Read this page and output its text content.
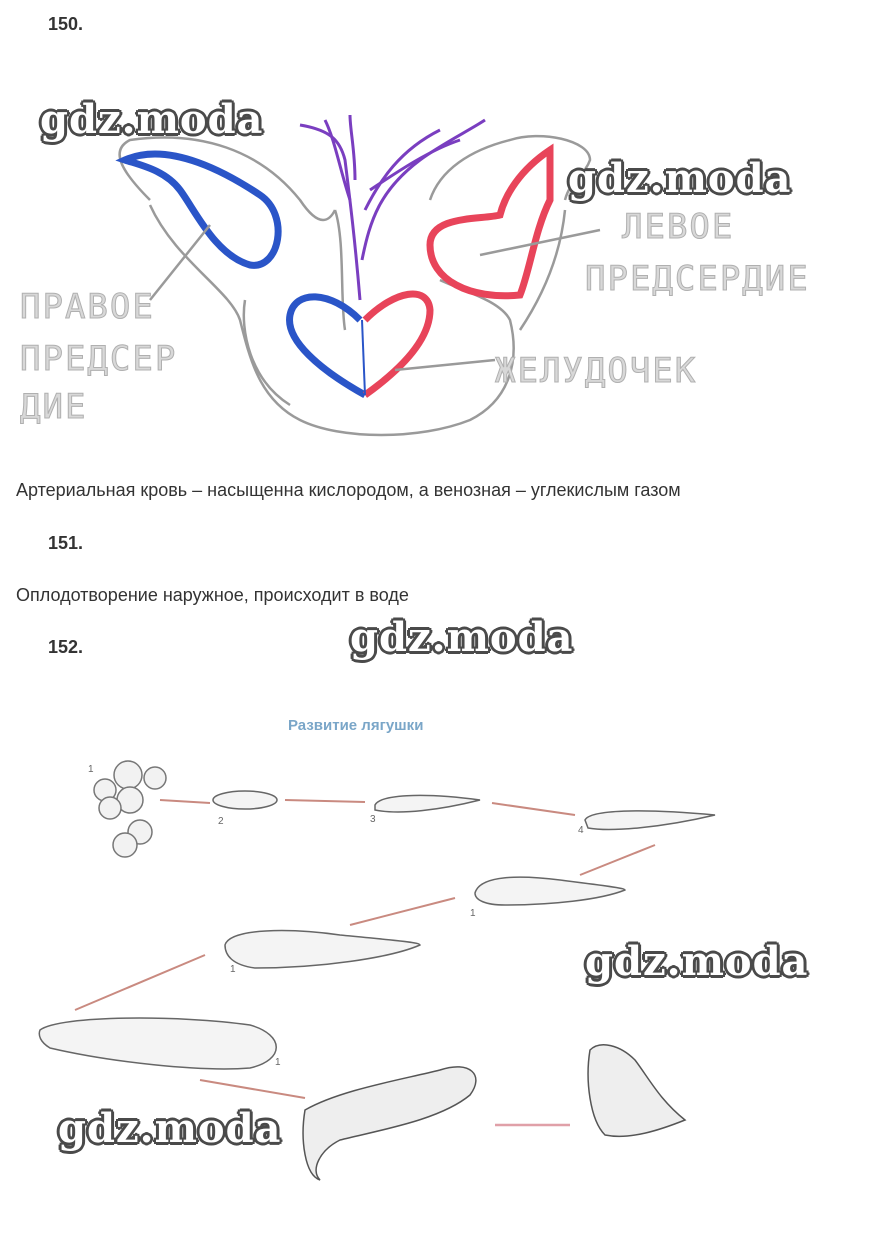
150.
ЛЕВОЕ
ПРЕДСЕРДИЕ
ПРАВОЕ
ПРЕДСЕР
ДИЕ
ЖЕЛУДОЧЕК
Артериальная кровь – насыщенна кислородом, а венозная – углекислым газом
151.
Оплодотворение наружное, происходит в воде
152.
Развитие лягушки
1
2	3
4
1
1
1
gdz.moda
gdz.moda
gdz.moda
gdz.moda
gdz.moda
